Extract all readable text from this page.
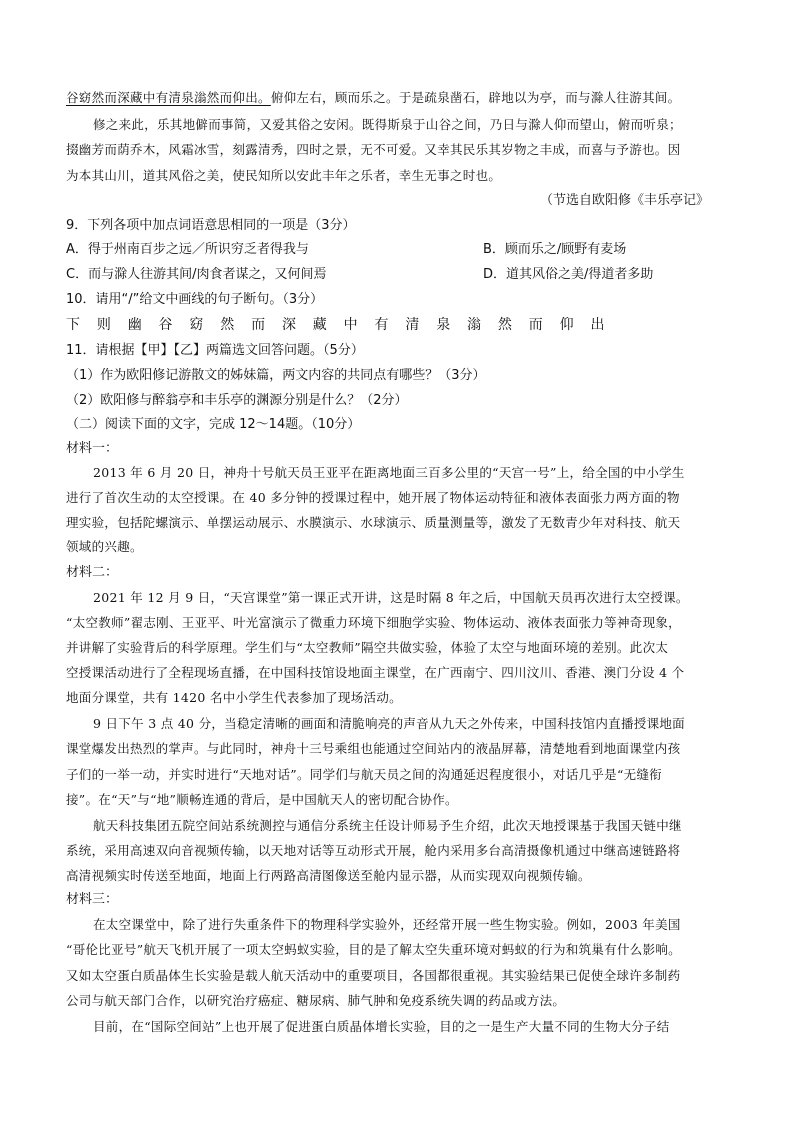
谷窈然而深藏中有清泉滃然而仰出。俯仰左右，顾而乐之。于是疏泉凿石，辟地以为亭，而与滁人往游其间。
修之来此，乐其地僻而事简，又爱其俗之安闲。既得斯泉于山谷之间，乃日与滁人仰而望山，俯而听泉；
掇幽芳而荫乔木，风霜冰雪，刻露清秀，四时之景，无不可爱。又幸其民乐其岁物之丰成，而喜与予游也。因
为本其山川，道其风俗之美，使民知所以安此丰年之乐者，幸生无事之时也。
（节选自欧阳修《丰乐亭记》
9．下列各项中加点词语意思相同的一项是（3分）
A．得于州南百步之远／所识穷乏者得我与	B．顾而乐之/顾野有麦场
C．而与滁人往游其间/肉食者谋之，又何间焉	D．道其风俗之美/得道者多助
10．请用“/”给文中画线的句子断句。（3分）
下 则 幽 谷 窈 然 而 深 藏 中 有 清 泉 滃 然 而 仰 出
11．请根据【甲】【乙】两篇选文回答问题。（5分）
（1）作为欧阳修记游散文的姊妹篇，两文内容的共同点有哪些？（3分）
（2）欧阳修与醉翁亭和丰乐亭的渊源分别是什么？（2分）
（二）阅读下面的文字，完成 12～14题。（10分）
材料一：
2013 年 6 月 20 日，神舟十号航天员王亚平在距离地面三百多公里的“天宫一号”上，给全国的中小学生
进行了首次生动的太空授课。在 40 多分钟的授课过程中，她开展了物体运动特征和液体表面张力两方面的物
理实验，包括陀螺演示、单摆运动展示、水膜演示、水球演示、质量测量等，激发了无数青少年对科技、航天
领域的兴趣。
材料二：
2021 年 12 月 9 日，“天宫课堂”第一课正式开讲，这是时隔 8 年之后，中国航天员再次进行太空授课。
“太空教师”翟志刚、王亚平、叶光富演示了微重力环境下细胞学实验、物体运动、液体表面张力等神奇现象，
并讲解了实验背后的科学原理。学生们与“太空教师”隔空共做实验，体验了太空与地面环境的差别。此次太
空授课活动进行了全程现场直播，在中国科技馆设地面主课堂，在广西南宁、四川汶川、香港、澳门分设 4 个
地面分课堂，共有 1420 名中小学生代表参加了现场活动。
9 日下午 3 点 40 分，当稳定清晰的画面和清脆响亮的声音从九天之外传来，中国科技馆内直播授课地面
课堂爆发出热烈的掌声。与此同时，神舟十三号乘组也能通过空间站内的液晶屏幕，清楚地看到地面课堂内孩
子们的一举一动，并实时进行“天地对话”。同学们与航天员之间的沟通延迟程度很小，对话几乎是“无缝衔
接”。在“天”与“地”顺畅连通的背后，是中国航天人的密切配合协作。
航天科技集团五院空间站系统测控与通信分系统主任设计师易予生介绍，此次天地授课基于我国天链中继
系统，采用高速双向音视频传输，以天地对话等互动形式开展，舱内采用多台高清摄像机通过中继高速链路将
高清视频实时传送至地面，地面上行两路高清图像送至舱内显示器，从而实现双向视频传输。
材料三：
在太空课堂中，除了进行失重条件下的物理科学实验外，还经常开展一些生物实验。例如，2003 年美国
“哥伦比亚号”航天飞机开展了一项太空蚂蚁实验，目的是了解太空失重环境对蚂蚁的行为和筑巢有什么影响。
又如太空蛋白质晶体生长实验是载人航天活动中的重要项目，各国都很重视。其实验结果已促使全球许多制药
公司与航天部门合作，以研究治疗癌症、糖尿病、肺气肿和免疫系统失调的药品或方法。
目前，在“国际空间站”上也开展了促进蛋白质晶体增长实验，目的之一是生产大量不同的生物大分子结
